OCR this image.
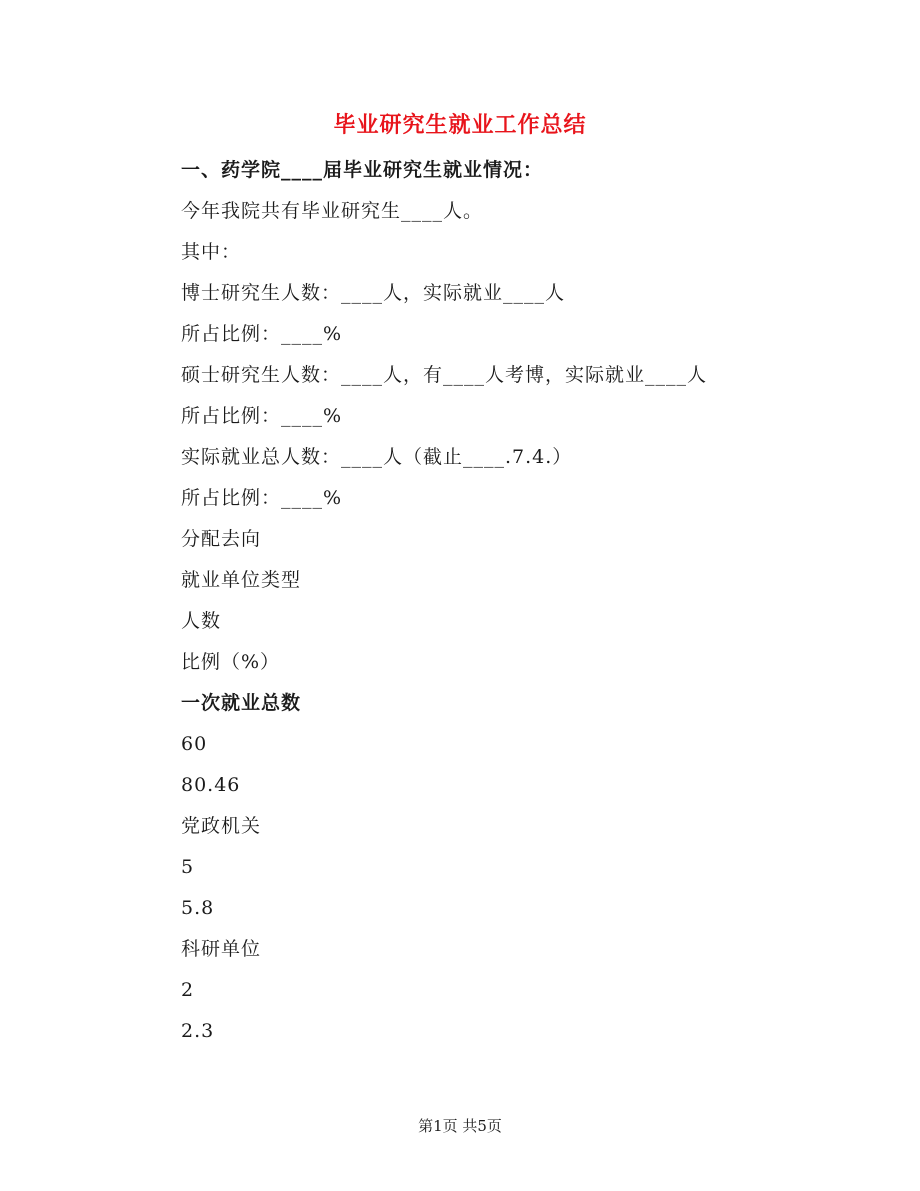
毕业研究生就业工作总结
一、药学院____届毕业研究生就业情况：
今年我院共有毕业研究生____人。
其中：
博士研究生人数：____人，实际就业____人
所占比例：____%
硕士研究生人数：____人，有____人考博，实际就业____人
所占比例：____%
实际就业总人数：____人（截止____.7.4.）
所占比例：____%
分配去向
就业单位类型
人数
比例（%）
一次就业总数
60
80.46
党政机关
5
5.8
科研单位
2
2.3
第1页 共5页
